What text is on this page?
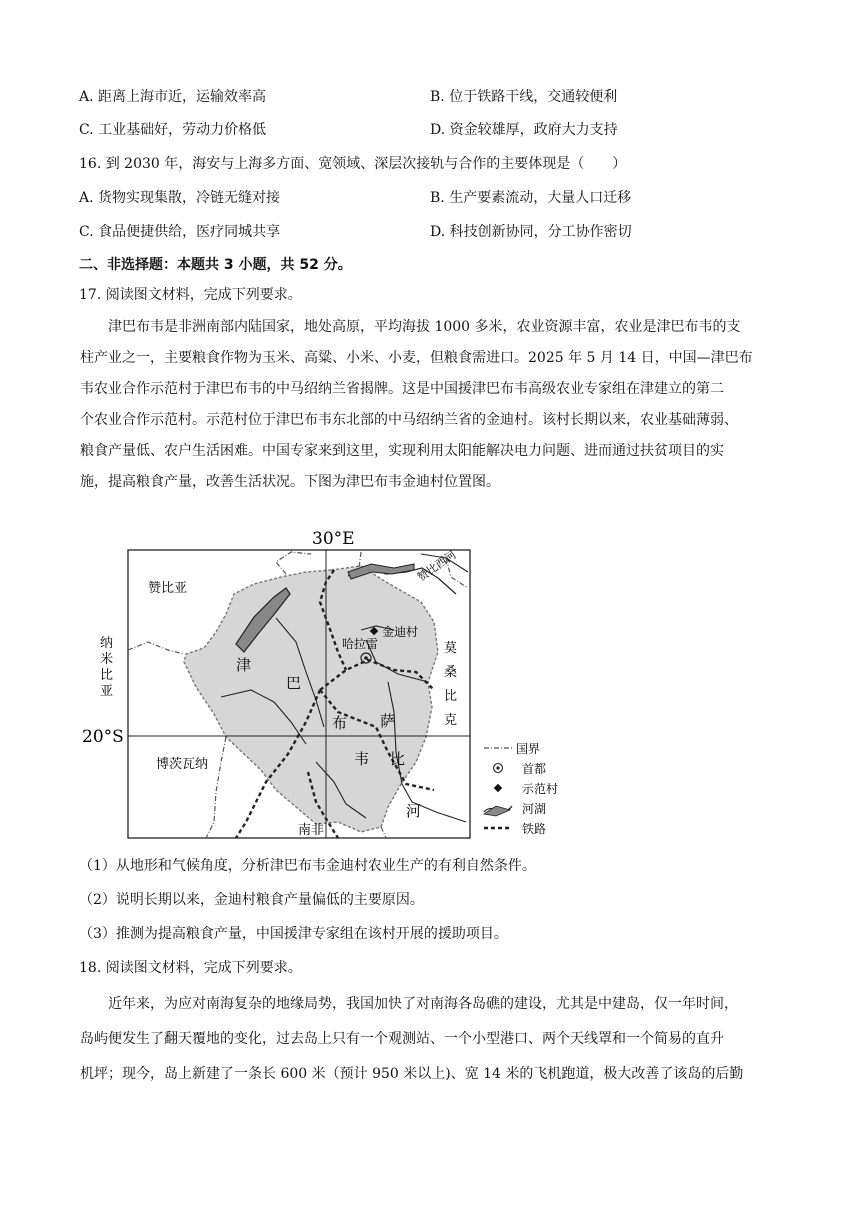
A. 距离上海市近，运输效率高	B. 位于铁路干线，交通较便利
C. 工业基础好，劳动力价格低	D. 资金较雄厚，政府大力支持
16. 到 2030 年，海安与上海多方面、宽领域、深层次接轨与合作的主要体现是（　　）
A. 货物实现集散，冷链无缝对接	B. 生产要素流动，大量人口迁移
C. 食品便捷供给，医疗同城共享	D. 科技创新协同，分工协作密切
二、非选择题：本题共 3 小题，共 52 分。
17. 阅读图文材料，完成下列要求。
津巴布韦是非洲南部内陆国家，地处高原，平均海拔 1000 多米，农业资源丰富，农业是津巴布韦的支
柱产业之一，主要粮食作物为玉米、高粱、小米、小麦，但粮食需进口。2025 年 5 月 14 日，中国—津巴布
韦农业合作示范村于津巴布韦的中马绍纳兰省揭牌。这是中国援津巴布韦高级农业专家组在津建立的第二
个农业合作示范村。示范村位于津巴布韦东北部的中马绍纳兰省的金迪村。该村长期以来，农业基础薄弱、
粮食产量低、农户生活困难。中国专家来到这里，实现利用太阳能解决电力问题、进而通过扶贫项目的实
施，提高粮食产量，改善生活状况。下图为津巴布韦金迪村位置图。
30°E
20°S
赞比亚
纳
米
比
亚
赞比西河
金迪村
哈拉雷	莫
桑
比
克
津
巴
布
韦
萨
比
河
博茨瓦纳
南非
国界
首都
示范村
河湖
铁路
（1）从地形和气候角度，分析津巴布韦金迪村农业生产的有利自然条件。
（2）说明长期以来，金迪村粮食产量偏低的主要原因。
（3）推测为提高粮食产量，中国援津专家组在该村开展的援助项目。
18. 阅读图文材料，完成下列要求。
近年来，为应对南海复杂的地缘局势，我国加快了对南海各岛礁的建设，尤其是中建岛，仅一年时间，
岛屿便发生了翻天覆地的变化，过去岛上只有一个观测站、一个小型港口、两个天线罩和一个简易的直升
机坪；现今，岛上新建了一条长 600 米（预计 950 米以上)、宽 14 米的飞机跑道，极大改善了该岛的后勤
